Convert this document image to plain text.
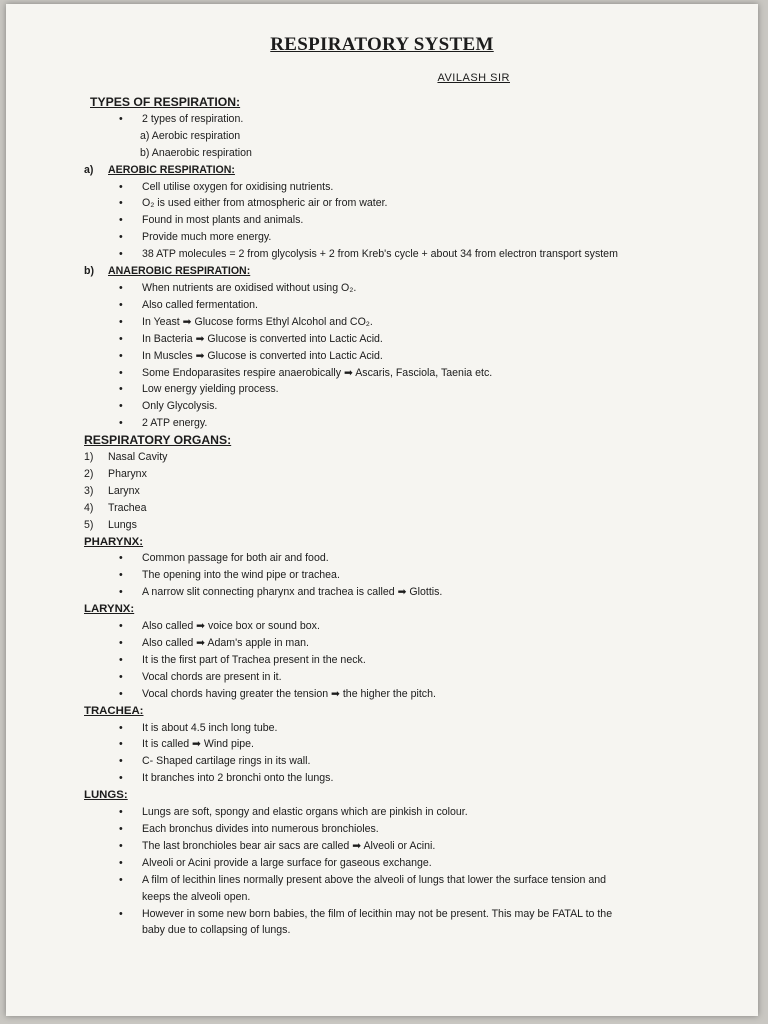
RESPIRATORY SYSTEM
AVILASH SIR
TYPES OF RESPIRATION:
• 2 types of respiration.
a) Aerobic respiration
b) Anaerobic respiration
a) AEROBIC RESPIRATION:
• Cell utilise oxygen for oxidising nutrients.
• O₂ is used either from atmospheric air or from water.
• Found in most plants and animals.
• Provide much more energy.
• 38 ATP molecules = 2 from glycolysis + 2 from Kreb's cycle + about 34 from electron transport system
b) ANAEROBIC RESPIRATION:
• When nutrients are oxidised without using O₂.
• Also called fermentation.
• In Yeast ➡ Glucose forms Ethyl Alcohol and CO₂.
• In Bacteria ➡ Glucose is converted into Lactic Acid.
• In Muscles ➡ Glucose is converted into Lactic Acid.
• Some Endoparasites respire anaerobically ➡ Ascaris, Fasciola, Taenia etc.
• Low energy yielding process.
• Only Glycolysis.
• 2 ATP energy.
RESPIRATORY ORGANS:
1) Nasal Cavity
2) Pharynx
3) Larynx
4) Trachea
5) Lungs
PHARYNX:
• Common passage for both air and food.
• The opening into the wind pipe or trachea.
• A narrow slit connecting pharynx and trachea is called ➡ Glottis.
LARYNX:
• Also called ➡ voice box or sound box.
• Also called ➡ Adam's apple in man.
• It is the first part of Trachea present in the neck.
• Vocal chords are present in it.
• Vocal chords having greater the tension ➡ the higher the pitch.
TRACHEA:
• It is about 4.5 inch long tube.
• It is called ➡ Wind pipe.
• C- Shaped cartilage rings in its wall.
• It branches into 2 bronchi onto the lungs.
LUNGS:
• Lungs are soft, spongy and elastic organs which are pinkish in colour.
• Each bronchus divides into numerous bronchioles.
• The last bronchioles bear air sacs are called ➡ Alveoli or Acini.
• Alveoli or Acini provide a large surface for gaseous exchange.
• A film of lecithin lines normally present above the alveoli of lungs that lower the surface tension and
keeps the alveoli open.
• However in some new born babies, the film of lecithin may not be present. This may be FATAL to the
baby due to collapsing of lungs.
